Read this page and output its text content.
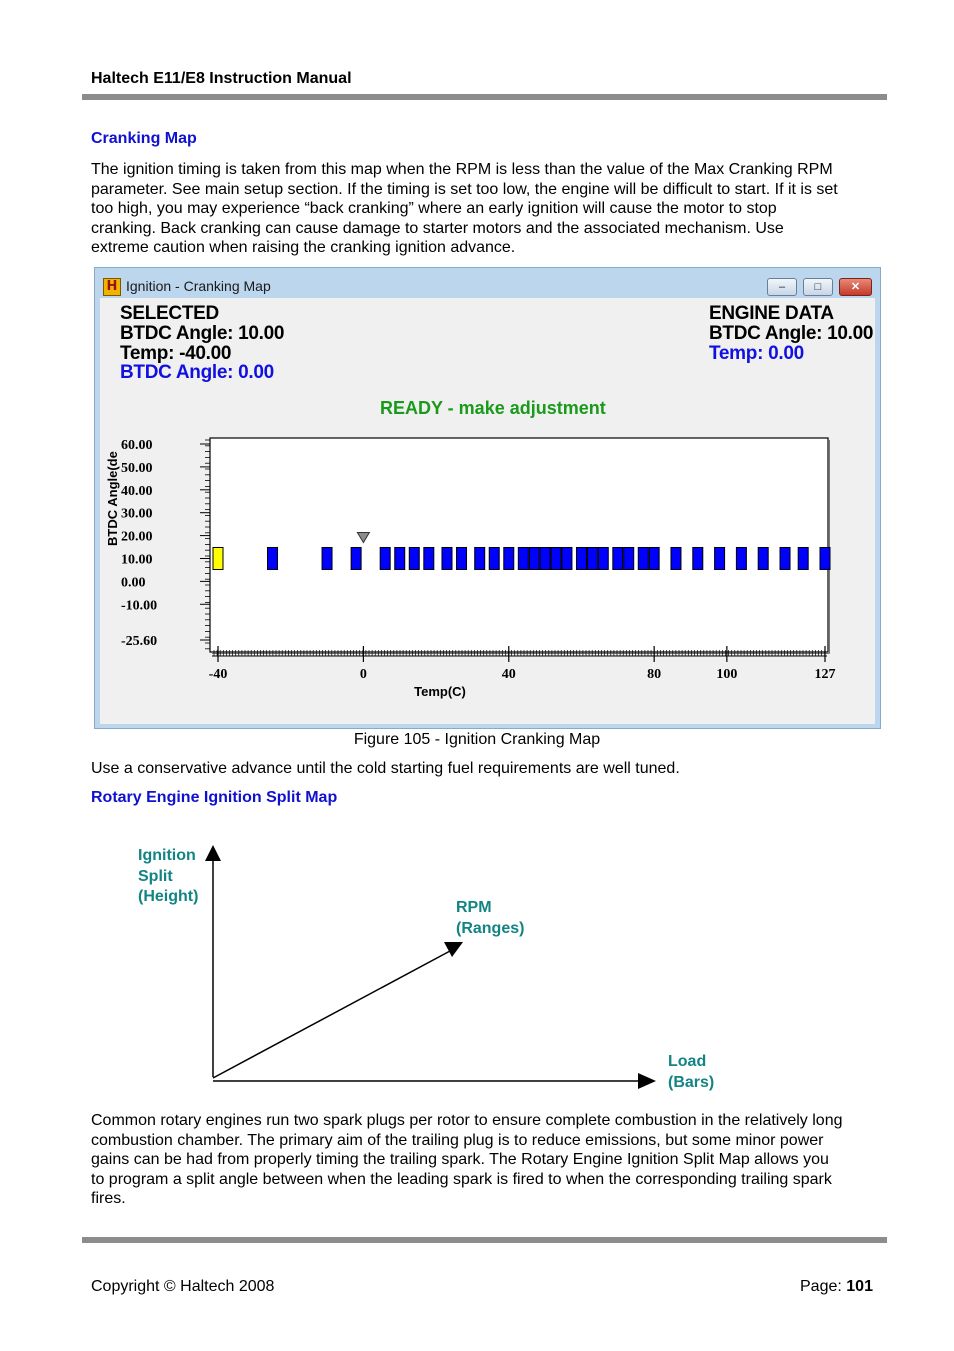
Haltech E11/E8 Instruction Manual
Cranking Map
The ignition timing is taken from this map when the RPM is less than the value of the Max Cranking RPM
parameter. See main setup section. If the timing is set too low, the engine will be difficult to start. If it is set
too high, you may experience “back cranking” where an early ignition will cause the motor to stop
cranking. Back cranking can cause damage to starter motors and the associated mechanism. Use
extreme caution when raising the cranking ignition advance.
H Ignition - Cranking Map	–	□	✕
SELECTED
BTDC Angle: 10.00
Temp: -40.00
BTDC Angle: 0.00
ENGINE DATA
BTDC Angle: 10.00
Temp: 0.00
READY - make adjustment
60.00
50.00
40.00
30.00
20.00
10.00
0.00
-10.00
-25.60
BTDC Angle(de
-40	0	40	80	100	127
Temp(C)
Figure 105 - Ignition Cranking Map
Use a conservative advance until the cold starting fuel requirements are well tuned.
Rotary Engine Ignition Split Map
Ignition
Split
(Height)
RPM
(Ranges)
Load
(Bars)
Common rotary engines run two spark plugs per rotor to ensure complete combustion in the relatively long
combustion chamber. The primary aim of the trailing plug is to reduce emissions, but some minor power
gains can be had from properly timing the trailing spark. The Rotary Engine Ignition Split Map allows you
to program a split angle between when the leading spark is fired to when the corresponding trailing spark
fires.
Copyright © Haltech 2008	Page: 101
